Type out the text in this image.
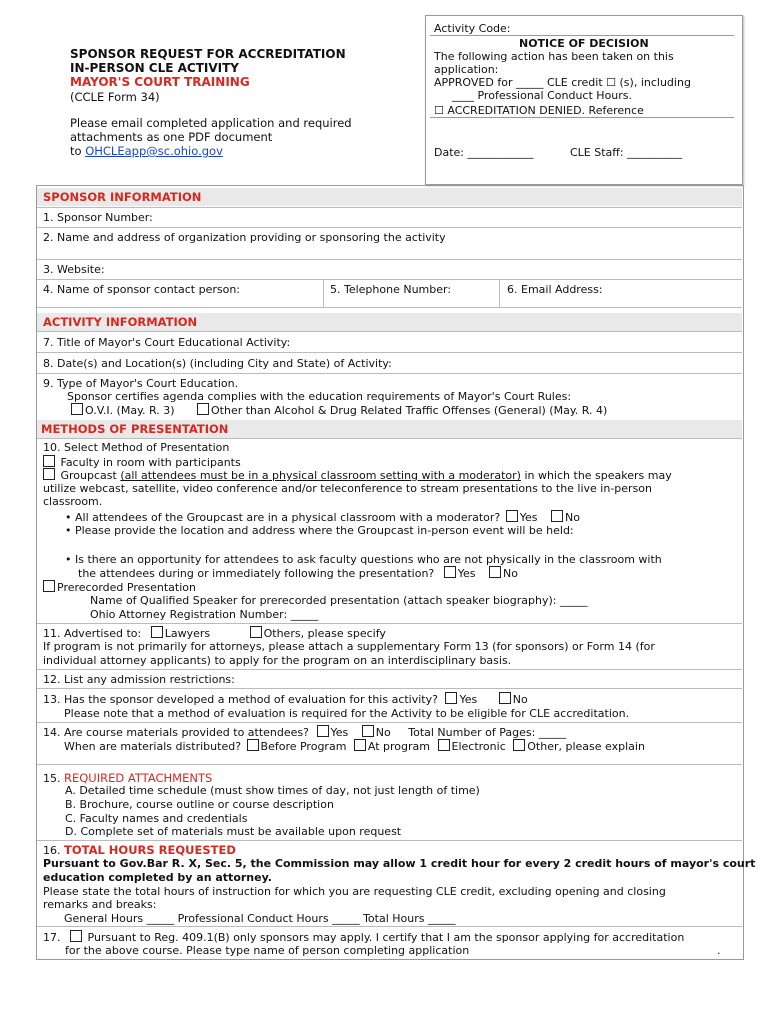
SPONSOR REQUEST FOR ACCREDITATION
IN-PERSON CLE ACTIVITY
MAYOR'S COURT TRAINING
(CCLE Form 34)
Please email completed application and required
attachments as one PDF document
to OHCLEapp@sc.ohio.gov
Activity Code:
NOTICE OF DECISION
The following action has been taken on this
application:
APPROVED for _____ CLE credit ☐ (s), including
____ Professional Conduct Hours.
☐ ACCREDITATION DENIED. Reference
Date: ____________	CLE Staff: __________
SPONSOR INFORMATION
1. Sponsor Number:
2. Name and address of organization providing or sponsoring the activity
3. Website:
4. Name of sponsor contact person:	5. Telephone Number:	6. Email Address:
ACTIVITY INFORMATION
7. Title of Mayor's Court Educational Activity:
8. Date(s) and Location(s) (including City and State) of Activity:
9. Type of Mayor's Court Education.
Sponsor certifies agenda complies with the education requirements of Mayor's Court Rules:
O.V.I. (May. R. 3)	Other than Alcohol & Drug Related Traffic Offenses (General) (May. R. 4)
METHODS OF PRESENTATION
10. Select Method of Presentation
Faculty in room with participants
Groupcast (all attendees must be in a physical classroom setting with a moderator) in which the speakers may
utilize webcast, satellite, video conference and/or teleconference to stream presentations to the live in-person
classroom.
• All attendees of the Groupcast are in a physical classroom with a moderator? Yes	No
• Please provide the location and address where the Groupcast in-person event will be held:
• Is there an opportunity for attendees to ask faculty questions who are not physically in the classroom with
the attendees during or immediately following the presentation? Yes	No
Prerecorded Presentation
Name of Qualified Speaker for prerecorded presentation (attach speaker biography): _____
Ohio Attorney Registration Number: _____
11. Advertised to: Lawyers	Others, please specify
If program is not primarily for attorneys, please attach a supplementary Form 13 (for sponsors) or Form 14 (for
individual attorney applicants) to apply for the program on an interdisciplinary basis.
12. List any admission restrictions:
13. Has the sponsor developed a method of evaluation for this activity? Yes	No
Please note that a method of evaluation is required for the Activity to be eligible for CLE accreditation.
14. Are course materials provided to attendees? Yes	No Total Number of Pages: _____
When are materials distributed? Before Program At program Electronic Other, please explain
15. REQUIRED ATTACHMENTS
A. Detailed time schedule (must show times of day, not just length of time)
B. Brochure, course outline or course description
C. Faculty names and credentials
D. Complete set of materials must be available upon request
16. TOTAL HOURS REQUESTED
Pursuant to Gov.Bar R. X, Sec. 5, the Commission may allow 1 credit hour for every 2 credit hours of mayor's court
education completed by an attorney.
Please state the total hours of instruction for which you are requesting CLE credit, excluding opening and closing
remarks and breaks:
General Hours _____ Professional Conduct Hours _____ Total Hours _____
17. Pursuant to Reg. 409.1(B) only sponsors may apply. I certify that I am the sponsor applying for accreditation
for the above course. Please type name of person completing application	.
